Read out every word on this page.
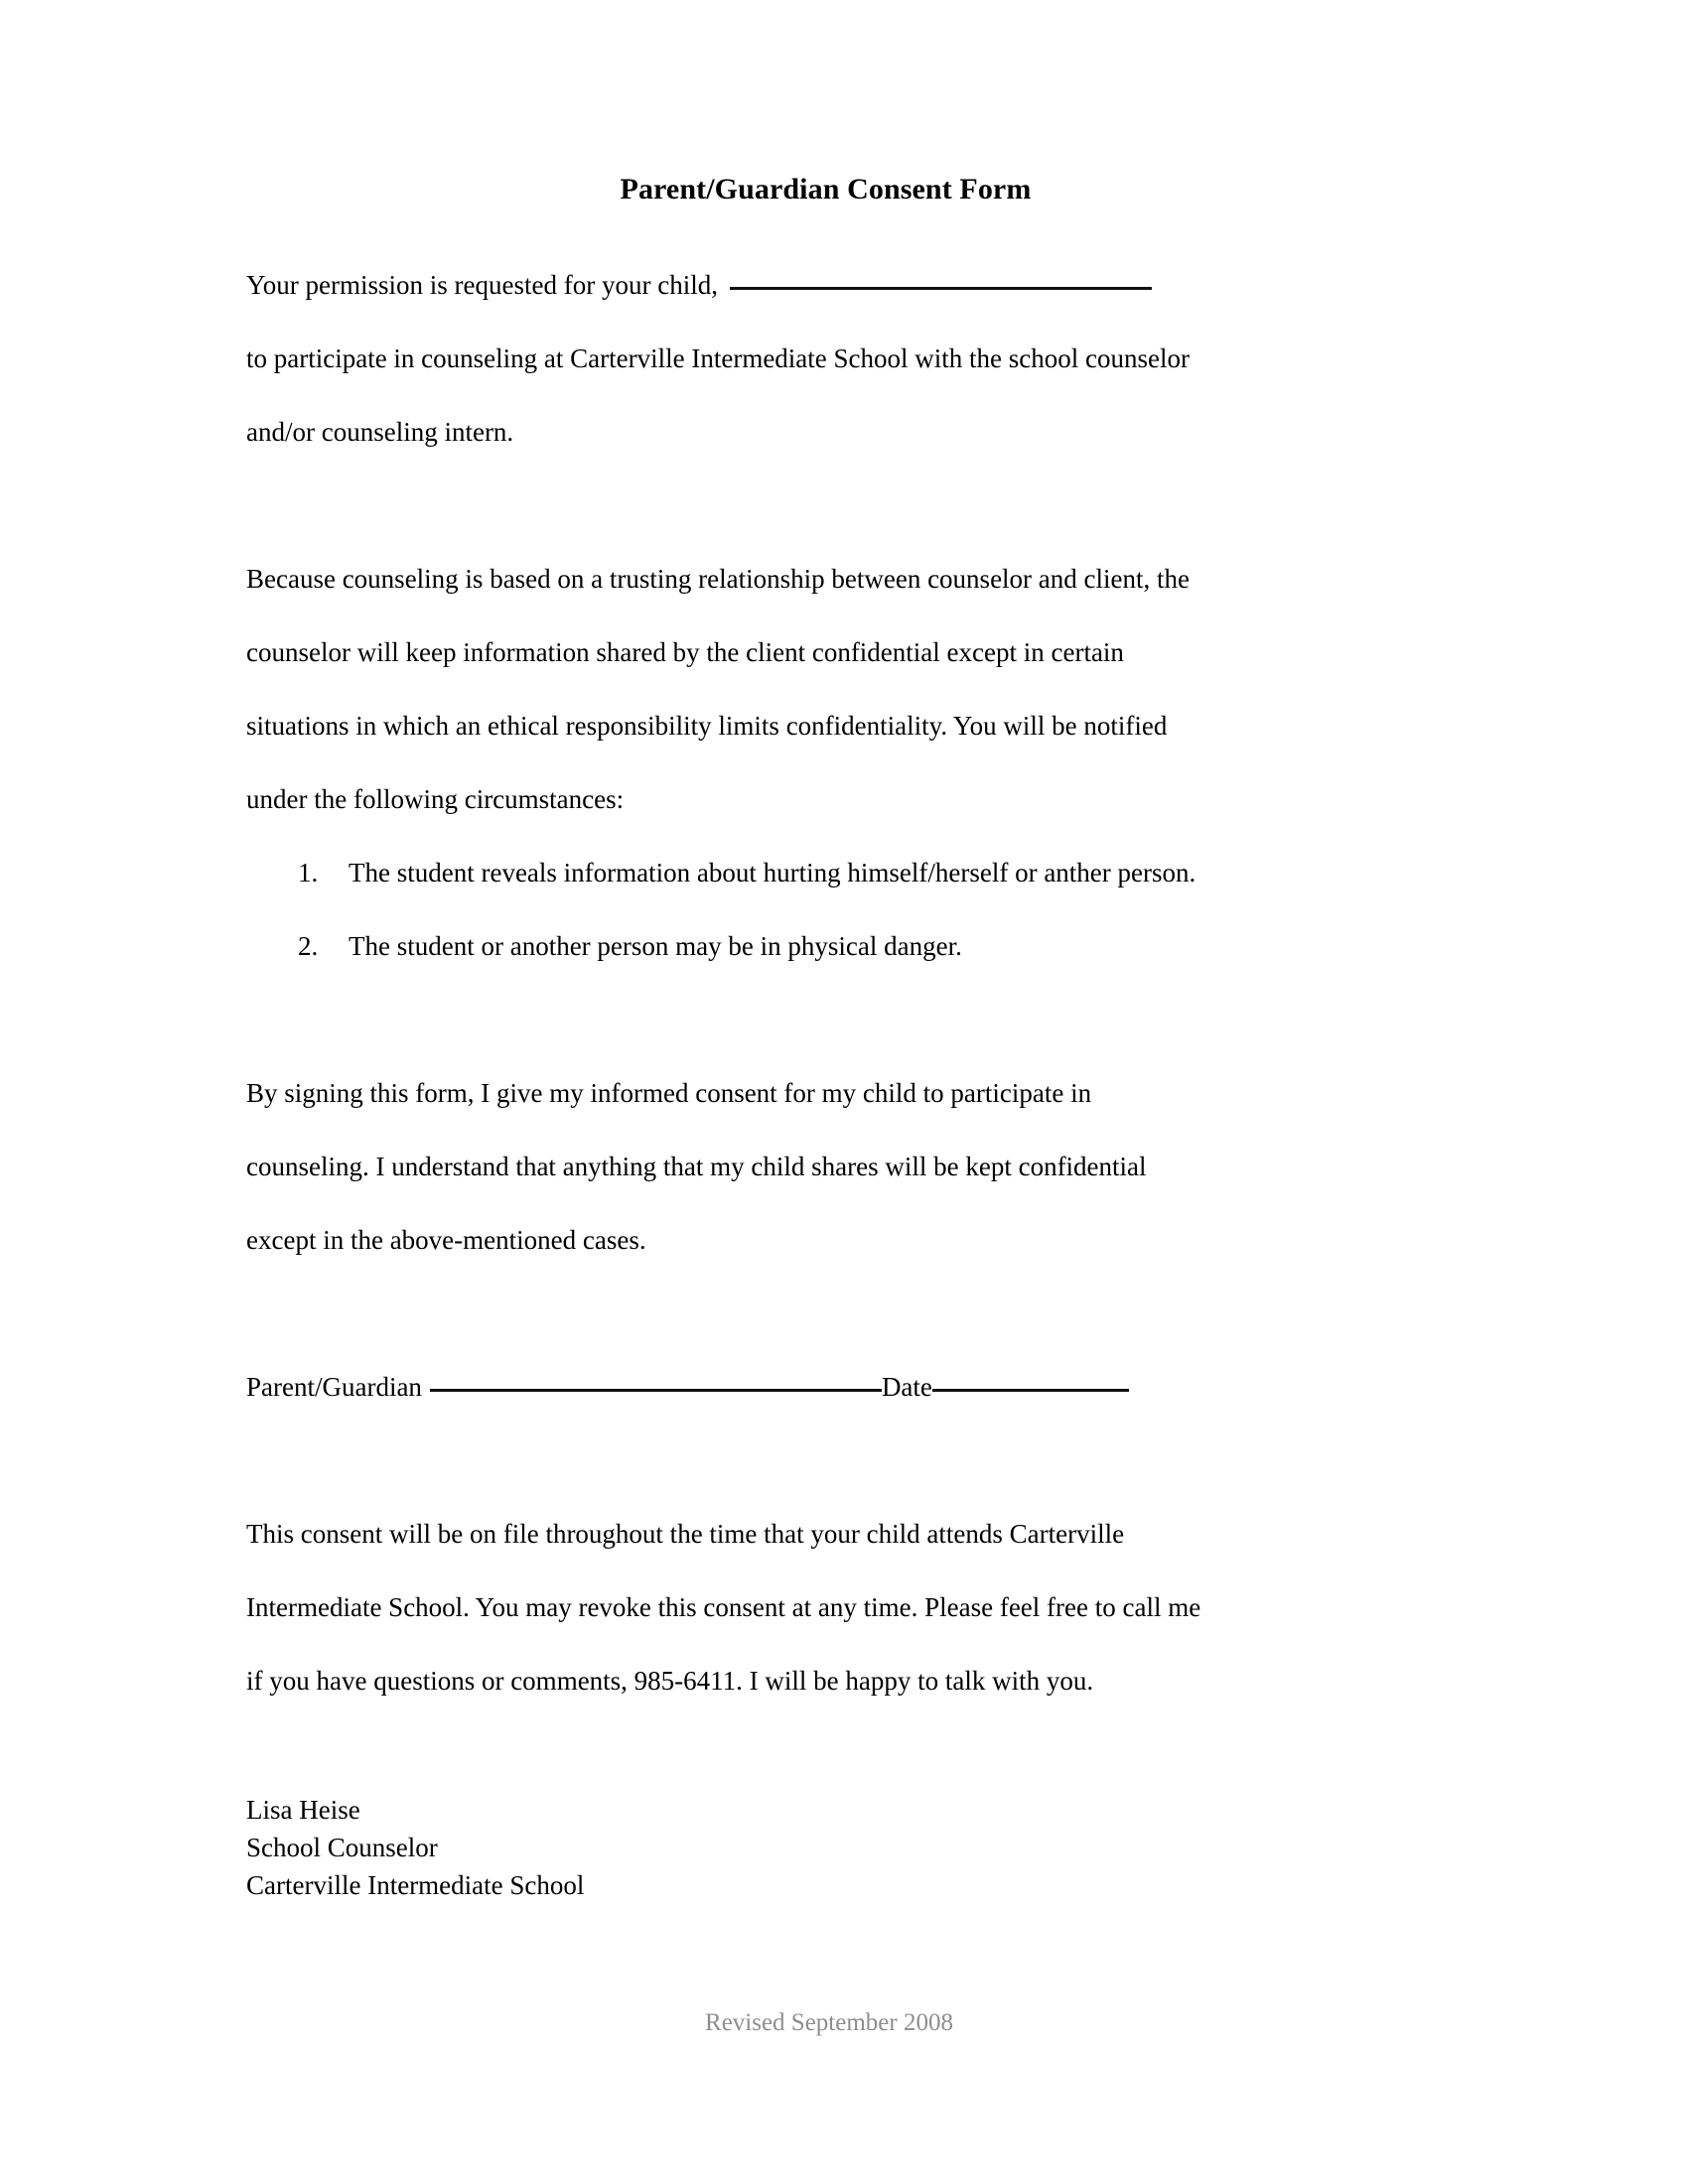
Parent/Guardian Consent Form

Your permission is requested for your child,

to participate in counseling at Carterville Intermediate School with the school counselor

and/or counseling intern.

Because counseling is based on a trusting relationship between counselor and client, the

counselor will keep information shared by the client confidential except in certain

situations in which an ethical responsibility limits confidentiality. You will be notified

under the following circumstances:

1.	The student reveals information about hurting himself/herself or anther person.
2.	The student or another person may be in physical danger.

By signing this form, I give my informed consent for my child to participate in

counseling. I understand that anything that my child shares will be kept confidential

except in the above-mentioned cases.

Parent/Guardian	Date

This consent will be on file throughout the time that your child attends Carterville

Intermediate School. You may revoke this consent at any time. Please feel free to call me

if you have questions or comments, 985-6411. I will be happy to talk with you.

Lisa Heise
School Counselor
Carterville Intermediate School
Revised September 2008
